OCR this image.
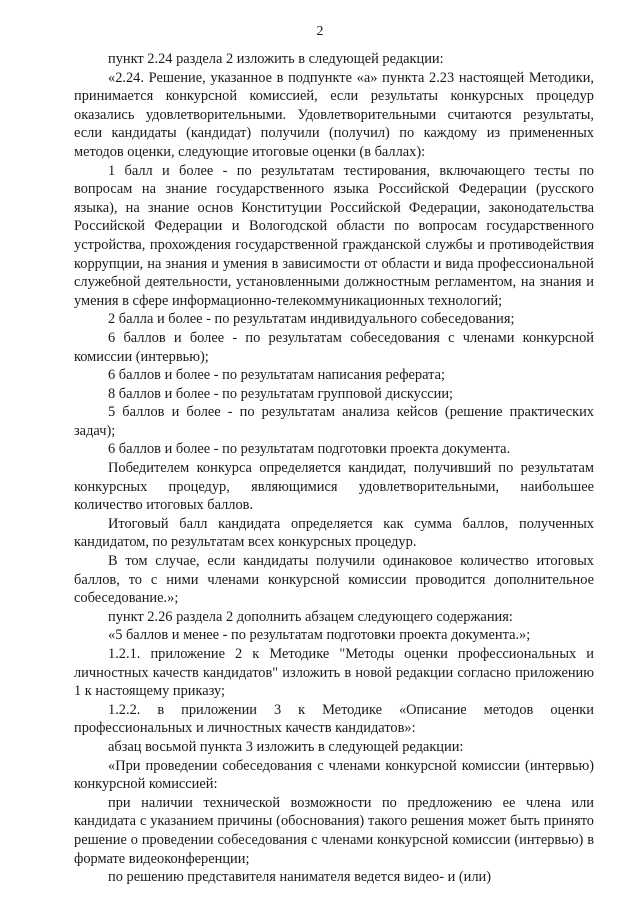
2

пункт 2.24 раздела 2 изложить в следующей редакции:

«2.24. Решение, указанное в подпункте «а» пункта 2.23 настоящей Методики, принимается конкурсной комиссией, если результаты конкурсных процедур оказались удовлетворительными. Удовлетворительными считаются результаты, если кандидаты (кандидат) получили (получил) по каждому из примененных методов оценки, следующие итоговые оценки (в баллах):

1 балл и более - по результатам тестирования, включающего тесты по вопросам на знание государственного языка Российской Федерации (русского языка), на знание основ Конституции Российской Федерации, законодательства Российской Федерации и Вологодской области по вопросам государственного устройства, прохождения государственной гражданской службы и противодействия коррупции, на знания и умения в зависимости от области и вида профессиональной служебной деятельности, установленными должностным регламентом, на знания и умения в сфере информационно-телекоммуникационных технологий;

2 балла и более - по результатам индивидуального собеседования;

6 баллов и более - по результатам собеседования с членами конкурсной комиссии (интервью);

6 баллов и более - по результатам написания реферата;

8 баллов и более - по результатам групповой дискуссии;

5 баллов и более - по результатам анализа кейсов (решение практических задач);

6 баллов и более - по результатам подготовки проекта документа.

Победителем конкурса определяется кандидат, получивший по результатам конкурсных процедур, являющимися удовлетворительными, наибольшее количество итоговых баллов.

Итоговый балл кандидата определяется как сумма баллов, полученных кандидатом, по результатам всех конкурсных процедур.

В том случае, если кандидаты получили одинаковое количество итоговых баллов, то с ними членами конкурсной комиссии проводится дополнительное собеседование.»;

пункт 2.26 раздела 2 дополнить абзацем следующего содержания:

«5 баллов и менее - по результатам подготовки проекта документа.»;

1.2.1. приложение 2 к Методике "Методы оценки профессиональных и личностных качеств кандидатов" изложить в новой редакции согласно приложению 1 к настоящему приказу;

1.2.2. в приложении 3 к Методике «Описание методов оценки профессиональных и личностных качеств кандидатов»:

абзац восьмой пункта 3 изложить в следующей редакции:

«При проведении собеседования с членами конкурсной комиссии (интервью) конкурсной комиссией:

при наличии технической возможности по предложению ее члена или кандидата с указанием причины (обоснования) такого решения может быть принято решение о проведении собеседования с членами конкурсной комиссии (интервью) в формате видеоконференции;

по решению представителя нанимателя ведется видео- и (или)
